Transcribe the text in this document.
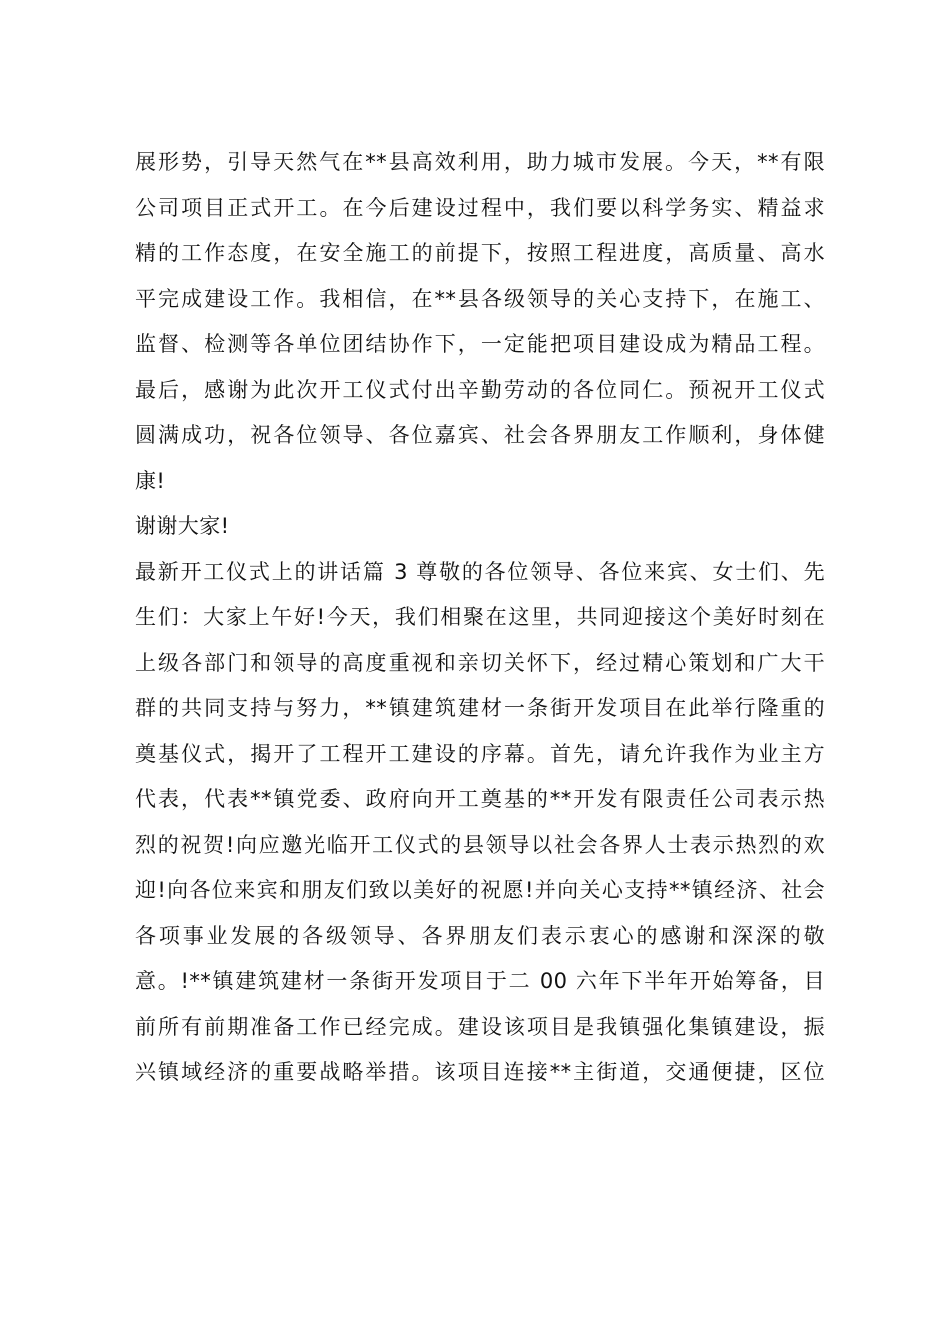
展形势，引导天然气在**县高效利用，助力城市发展。今天，**有限
公司项目正式开工。在今后建设过程中，我们要以科学务实、精益求
精的工作态度，在安全施工的前提下，按照工程进度，高质量、高水
平完成建设工作。我相信，在**县各级领导的关心支持下，在施工、
监督、检测等各单位团结协作下，一定能把项目建设成为精品工程。
最后，感谢为此次开工仪式付出辛勤劳动的各位同仁。预祝开工仪式
圆满成功，祝各位领导、各位嘉宾、社会各界朋友工作顺利，身体健
康!
谢谢大家!
最新开工仪式上的讲话篇 3 尊敬的各位领导、各位来宾、女士们、先
生们：大家上午好!今天，我们相聚在这里，共同迎接这个美好时刻在
上级各部门和领导的高度重视和亲切关怀下，经过精心策划和广大干
群的共同支持与努力，**镇建筑建材一条街开发项目在此举行隆重的
奠基仪式，揭开了工程开工建设的序幕。首先，请允许我作为业主方
代表，代表**镇党委、政府向开工奠基的**开发有限责任公司表示热
烈的祝贺!向应邀光临开工仪式的县领导以社会各界人士表示热烈的欢
迎!向各位来宾和朋友们致以美好的祝愿!并向关心支持**镇经济、社会
各项事业发展的各级领导、各界朋友们表示衷心的感谢和深深的敬
意。!**镇建筑建材一条街开发项目于二 00 六年下半年开始筹备，目
前所有前期准备工作已经完成。建设该项目是我镇强化集镇建设，振
兴镇域经济的重要战略举措。该项目连接**主街道，交通便捷，区位
